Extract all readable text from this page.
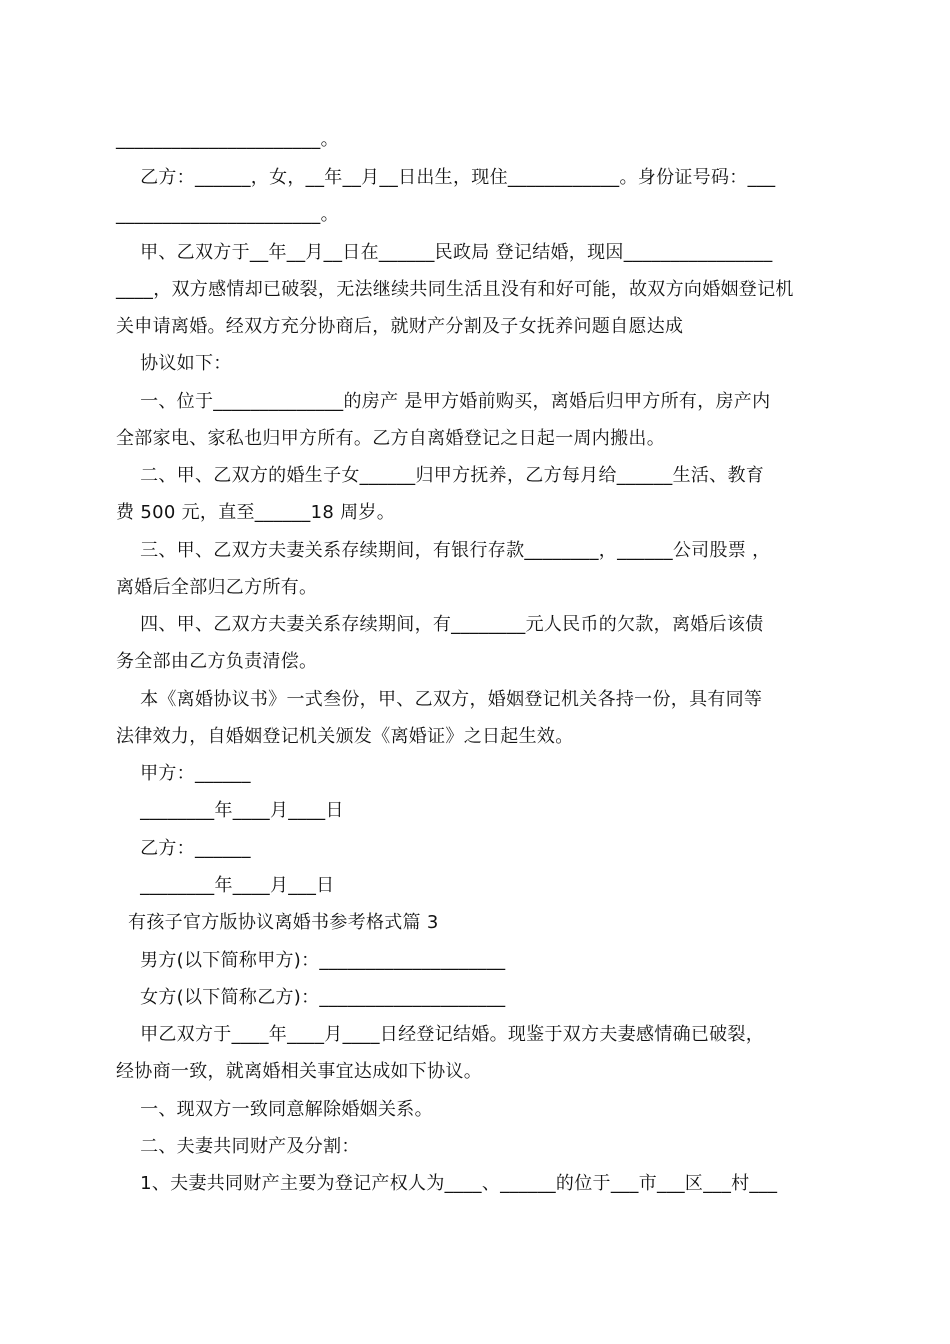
______________________。
乙方：______，女，__年__月__日出生，现住____________。身份证号码：___
______________________。
甲、乙双方于__年__月__日在______民政局 登记结婚，现因________________
____，双方感情却已破裂，无法继续共同生活且没有和好可能，故双方向婚姻登记机
关申请离婚。经双方充分协商后，就财产分割及子女抚养问题自愿达成
协议如下：
一、位于______________的房产 是甲方婚前购买，离婚后归甲方所有，房产内
全部家电、家私也归甲方所有。乙方自离婚登记之日起一周内搬出。
二、甲、乙双方的婚生子女______归甲方抚养，乙方每月给______生活、教育
费 500 元，直至______18 周岁。
三、甲、乙双方夫妻关系存续期间，有银行存款________，______公司股票 ，
离婚后全部归乙方所有。
四、甲、乙双方夫妻关系存续期间，有________元人民币的欠款，离婚后该债
务全部由乙方负责清偿。
本《离婚协议书》一式叁份，甲、乙双方，婚姻登记机关各持一份，具有同等
法律效力，自婚姻登记机关颁发《离婚证》之日起生效。
甲方：______
________年____月____日
乙方：______
________年____月___日
有孩子官方版协议离婚书参考格式篇 3
男方(以下简称甲方)：____________________
女方(以下简称乙方)：____________________
甲乙双方于____年____月____日经登记结婚。现鉴于双方夫妻感情确已破裂，
经协商一致，就离婚相关事宜达成如下协议。
一、现双方一致同意解除婚姻关系。
二、夫妻共同财产及分割：
1、夫妻共同财产主要为登记产权人为____、______的位于___市___区___村___
